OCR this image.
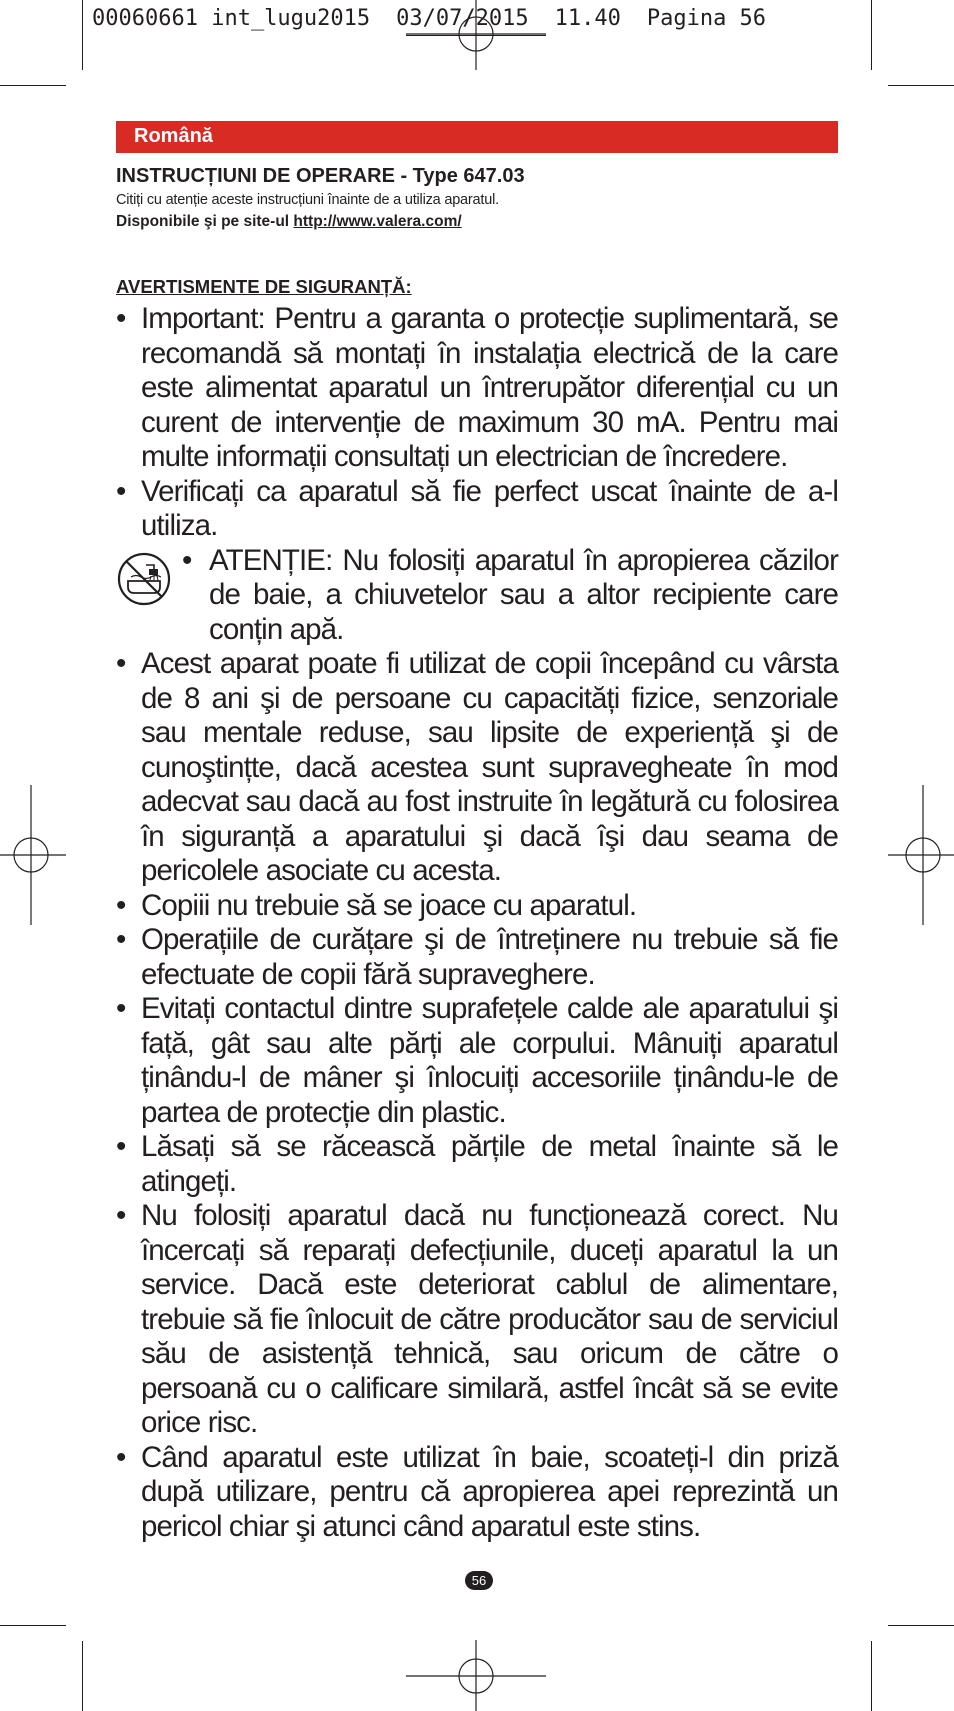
00060661 int_lugu2015 03/07/2015 11.40 Pagina 56
Română
INSTRUCȚIUNI DE OPERARE - Type 647.03
Citiți cu atenție aceste instrucțiuni înainte de a utiliza aparatul.
Disponibile şi pe site-ul http://www.valera.com/
AVERTISMENTE DE SIGURANȚĂ:
• Important: Pentru a garanta o protecție suplimentară, se recomandă să montați în instalația electrică de la care este alimentat aparatul un întrerupător diferențial cu un curent de intervenție de maximum 30 mA. Pentru mai multe informații consultați un electrician de încredere.
• Verificați ca aparatul să fie perfect uscat înainte de a-l utiliza.
• ATENȚIE: Nu folosiți aparatul în apropierea căzilor de baie, a chiuvetelor sau a altor recipiente care conțin apă.
• Acest aparat poate fi utilizat de copii începând cu vârsta de 8 ani şi de persoane cu capacități fizice, senzoriale sau mentale reduse, sau lipsite de experiență şi de cunoştințte, dacă acestea sunt supravegheate în mod adecvat sau dacă au fost instruite în legătură cu folosirea în siguranță a aparatului şi dacă îşi dau seama de pericolele asociate cu acesta.
• Copiii nu trebuie să se joace cu aparatul.
• Operațiile de curățare şi de întreținere nu trebuie să fie efectuate de copii fără supraveghere.
• Evitați contactul dintre suprafețele calde ale aparatului şi față, gât sau alte părți ale corpului. Mânuiți aparatul ținându-l de mâner şi înlocuiți accesoriile ținându-le de partea de protecție din plastic.
• Lăsați să se răcească părțile de metal înainte să le atingeți.
• Nu folosiți aparatul dacă nu funcționează corect. Nu încercați să reparați defecțiunile, duceți aparatul la un service. Dacă este deteriorat cablul de alimentare, trebuie să fie înlocuit de către producător sau de serviciul său de asistență tehnică, sau oricum de către o persoană cu o calificare similară, astfel încât să se evite orice risc.
• Când aparatul este utilizat în baie, scoateți-l din priză după utilizare, pentru că apropierea apei reprezintă un pericol chiar şi atunci când aparatul este stins.
56
